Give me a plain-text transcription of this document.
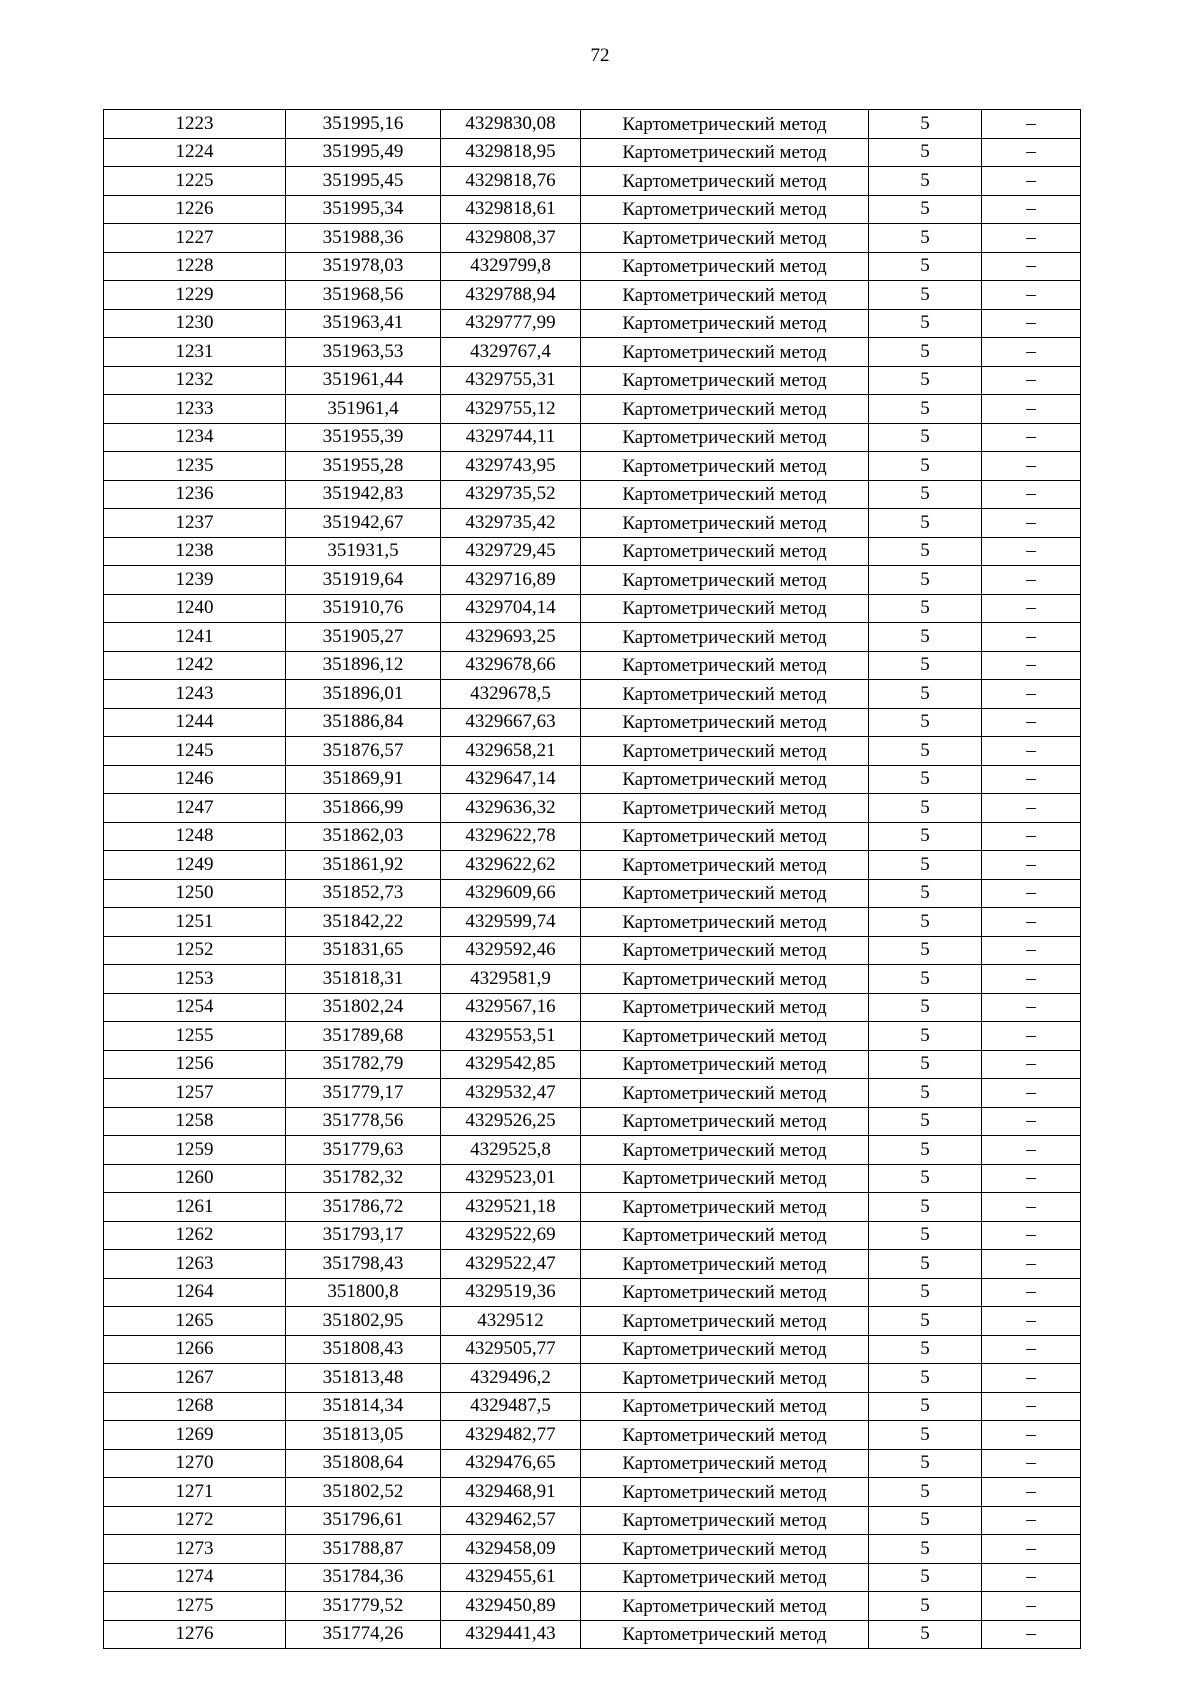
72
1223	351995,16	4329830,08	Картометрический метод	5	–
1224	351995,49	4329818,95	Картометрический метод	5	–
1225	351995,45	4329818,76	Картометрический метод	5	–
1226	351995,34	4329818,61	Картометрический метод	5	–
1227	351988,36	4329808,37	Картометрический метод	5	–
1228	351978,03	4329799,8	Картометрический метод	5	–
1229	351968,56	4329788,94	Картометрический метод	5	–
1230	351963,41	4329777,99	Картометрический метод	5	–
1231	351963,53	4329767,4	Картометрический метод	5	–
1232	351961,44	4329755,31	Картометрический метод	5	–
1233	351961,4	4329755,12	Картометрический метод	5	–
1234	351955,39	4329744,11	Картометрический метод	5	–
1235	351955,28	4329743,95	Картометрический метод	5	–
1236	351942,83	4329735,52	Картометрический метод	5	–
1237	351942,67	4329735,42	Картометрический метод	5	–
1238	351931,5	4329729,45	Картометрический метод	5	–
1239	351919,64	4329716,89	Картометрический метод	5	–
1240	351910,76	4329704,14	Картометрический метод	5	–
1241	351905,27	4329693,25	Картометрический метод	5	–
1242	351896,12	4329678,66	Картометрический метод	5	–
1243	351896,01	4329678,5	Картометрический метод	5	–
1244	351886,84	4329667,63	Картометрический метод	5	–
1245	351876,57	4329658,21	Картометрический метод	5	–
1246	351869,91	4329647,14	Картометрический метод	5	–
1247	351866,99	4329636,32	Картометрический метод	5	–
1248	351862,03	4329622,78	Картометрический метод	5	–
1249	351861,92	4329622,62	Картометрический метод	5	–
1250	351852,73	4329609,66	Картометрический метод	5	–
1251	351842,22	4329599,74	Картометрический метод	5	–
1252	351831,65	4329592,46	Картометрический метод	5	–
1253	351818,31	4329581,9	Картометрический метод	5	–
1254	351802,24	4329567,16	Картометрический метод	5	–
1255	351789,68	4329553,51	Картометрический метод	5	–
1256	351782,79	4329542,85	Картометрический метод	5	–
1257	351779,17	4329532,47	Картометрический метод	5	–
1258	351778,56	4329526,25	Картометрический метод	5	–
1259	351779,63	4329525,8	Картометрический метод	5	–
1260	351782,32	4329523,01	Картометрический метод	5	–
1261	351786,72	4329521,18	Картометрический метод	5	–
1262	351793,17	4329522,69	Картометрический метод	5	–
1263	351798,43	4329522,47	Картометрический метод	5	–
1264	351800,8	4329519,36	Картометрический метод	5	–
1265	351802,95	4329512	Картометрический метод	5	–
1266	351808,43	4329505,77	Картометрический метод	5	–
1267	351813,48	4329496,2	Картометрический метод	5	–
1268	351814,34	4329487,5	Картометрический метод	5	–
1269	351813,05	4329482,77	Картометрический метод	5	–
1270	351808,64	4329476,65	Картометрический метод	5	–
1271	351802,52	4329468,91	Картометрический метод	5	–
1272	351796,61	4329462,57	Картометрический метод	5	–
1273	351788,87	4329458,09	Картометрический метод	5	–
1274	351784,36	4329455,61	Картометрический метод	5	–
1275	351779,52	4329450,89	Картометрический метод	5	–
1276	351774,26	4329441,43	Картометрический метод	5	–
